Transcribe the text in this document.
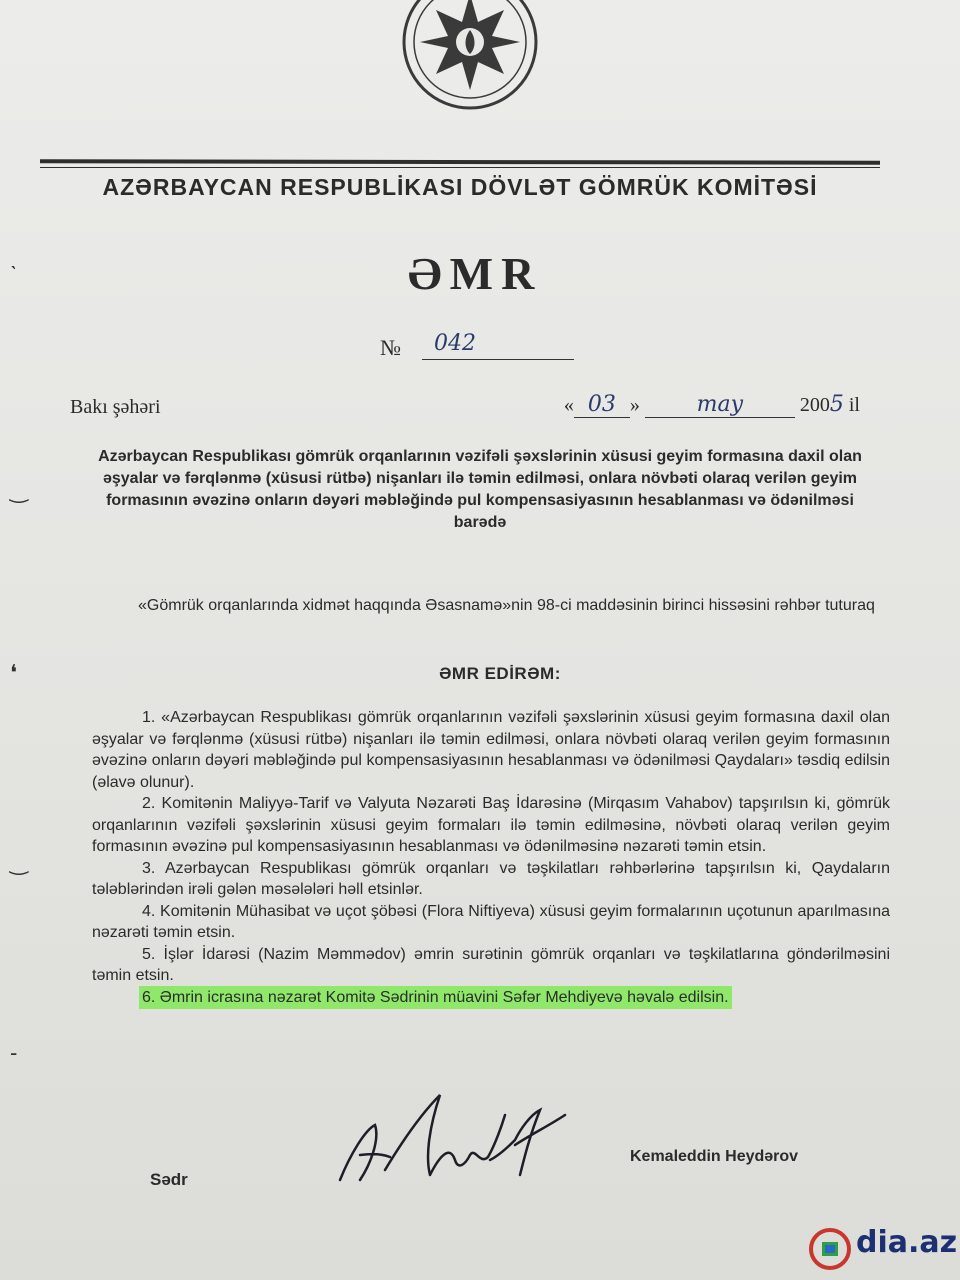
AZƏRBAYCAN RESPUBLİKASI DÖVLƏT GÖMRÜK KOMİTƏSİ
ƏMR
№	042
Bakı şəhəri	« 03 »	may	2005 il
Azərbaycan Respublikası gömrük orqanlarının vəzifəli şəxslərinin xüsusi geyim formasına daxil olan əşyalar və fərqlənmə (xüsusi rütbə) nişanları ilə təmin edilməsi, onlara növbəti olaraq verilən geyim formasının əvəzinə onların dəyəri məbləğində pul kompensasiyasının hesablanması və ödənilməsi barədə
«Gömrük orqanlarında xidmət haqqında Əsasnamə»nin 98-ci maddəsinin birinci hissəsini rəhbər tuturaq
ƏMR EDİRƏM:

1. «Azərbaycan Respublikası gömrük orqanlarının vəzifəli şəxslərinin xüsusi geyim formasına daxil olan əşyalar və fərqlənmə (xüsusi rütbə) nişanları ilə təmin edilməsi, onlara növbəti olaraq verilən geyim formasının əvəzinə onların dəyəri məbləğində pul kompensasiyasının hesablanması və ödənilməsi Qaydaları» təsdiq edilsin (əlavə olunur).

2. Komitənin Maliyyə-Tarif və Valyuta Nəzarəti Baş İdarəsinə (Mirqasım Vahabov) tapşırılsın ki, gömrük orqanlarının vəzifəli şəxslərinin xüsusi geyim formaları ilə təmin edilməsinə, növbəti olaraq verilən geyim formasının əvəzinə pul kompensasiyasının hesablanması və ödənilməsinə nəzarəti təmin etsin.

3. Azərbaycan Respublikası gömrük orqanları və təşkilatları rəhbərlərinə tapşırılsın ki, Qaydaların tələblərindən irəli gələn məsələləri həll etsinlər.

4. Komitənin Mühasibat və uçot şöbəsi (Flora Niftiyeva) xüsusi geyim formalarının uçotunun aparılmasına nəzarəti təmin etsin.

5. İşlər İdarəsi (Nazim Məmmədov) əmrin surətinin gömrük orqanları və təşkilatlarına göndərilməsini təmin etsin.

6. Əmrin icrasına nəzarət Komitə Sədrinin müavini Səfər Mehdiyevə həvalə edilsin.

Sədr
Kemaleddin Heydərov
ˋ
‿
❛
‿
-
dia.az
